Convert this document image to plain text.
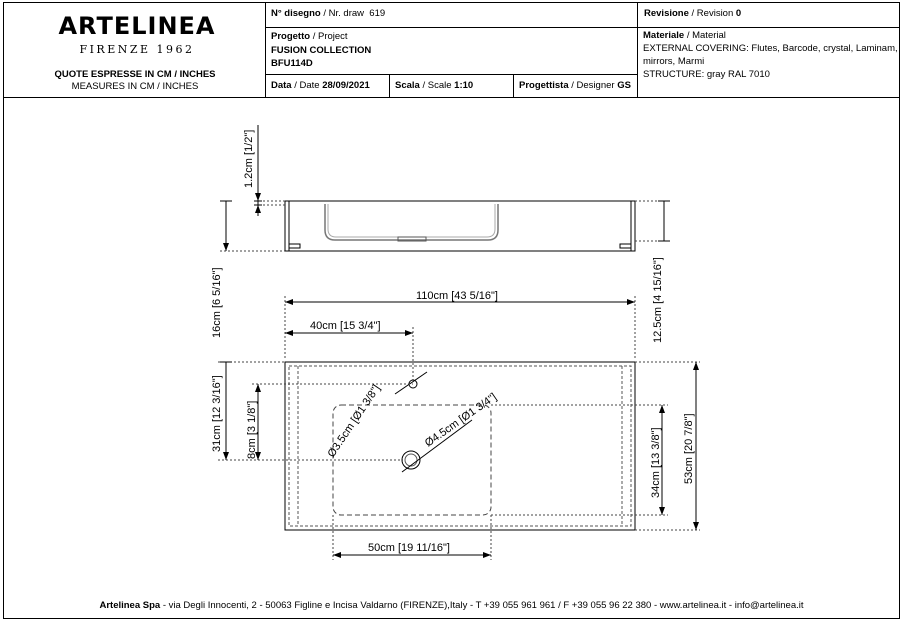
ARTELINEA
FIRENZE 1962
QUOTE ESPRESSE IN CM / INCHES
MEASURES IN CM / INCHES
N° disegno / Nr. draw 619	Revisione / Revision 0
Progetto / Project
FUSION COLLECTION
BFU114D
Materiale / Material
EXTERNAL COVERING: Flutes, Barcode, crystal, Laminam,
mirrors, Marmi
STRUCTURE: gray RAL 7010
Data / Date 28/09/2021	Scala / Scale 1:10	Progettista / Designer GS
1.2cm [1/2"]
16cm [6 5/16"]	12.5cm [4 15/16"]
110cm [43 5/16"]
40cm [15 3/4"]
31cm [12 3/16"] 8cm [3 1/8"]	Ø3.5cm [Ø1 3/8"]	Ø4.5cm [Ø1 3/4"]
34cm [13 3/8"] 53cm [20 7/8"]
50cm [19 11/16"]
Artelinea Spa - via Degli Innocenti, 2 - 50063 Figline e Incisa Valdarno (FIRENZE),Italy - T +39 055 961 961 / F +39 055 96 22 380 - www.artelinea.it - info@artelinea.it
